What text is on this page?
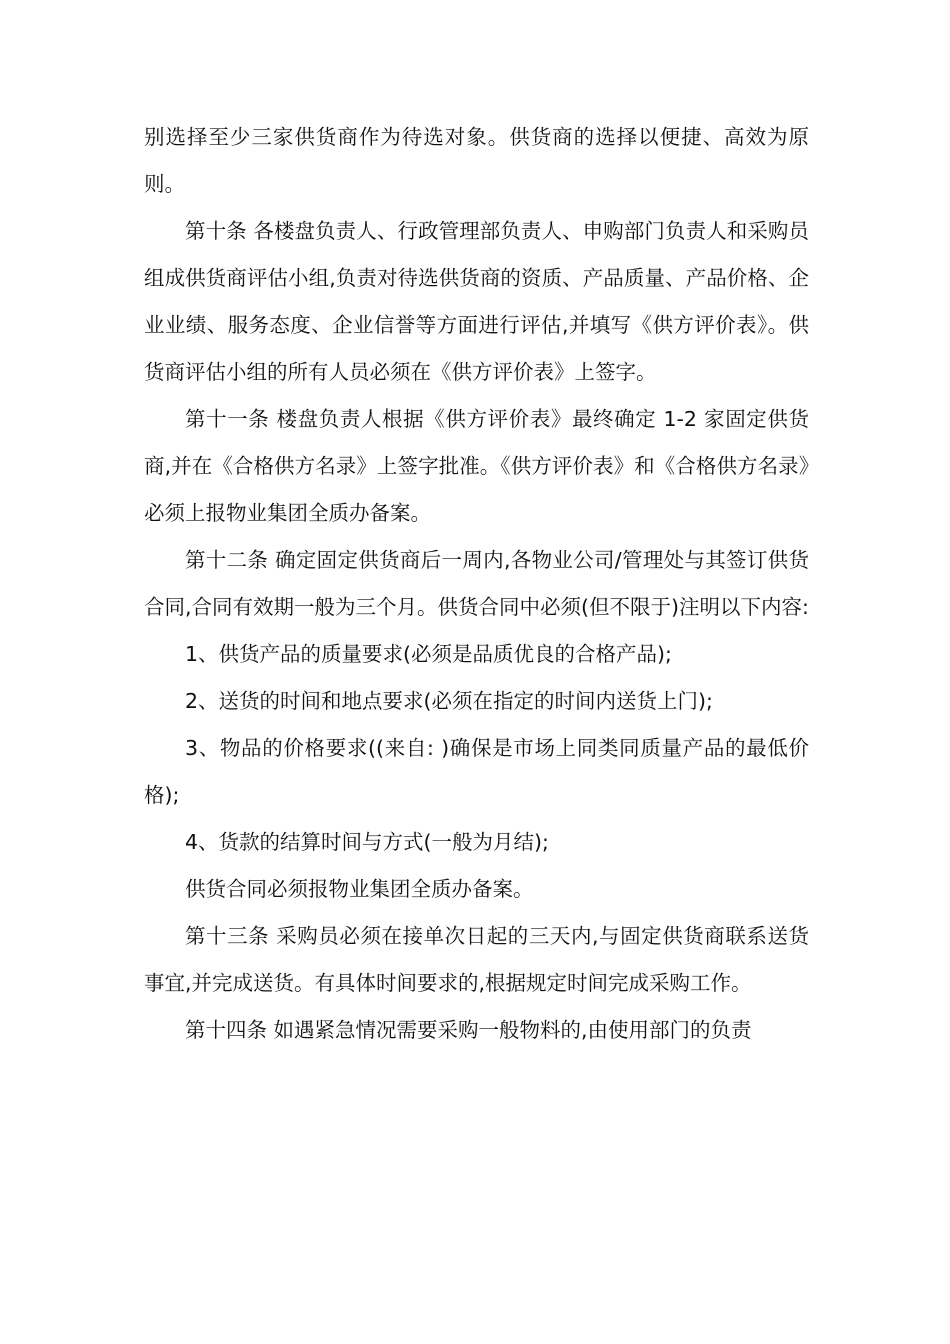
别选择至少三家供货商作为待选对象。供货商的选择以便捷、高效为原则。

第十条 各楼盘负责人、行政管理部负责人、申购部门负责人和采购员组成供货商评估小组,负责对待选供货商的资质、产品质量、产品价格、企业业绩、服务态度、企业信誉等方面进行评估,并填写《供方评价表》。供货商评估小组的所有人员必须在《供方评价表》上签字。

第十一条 楼盘负责人根据《供方评价表》最终确定 1-2 家固定供货商,并在《合格供方名录》上签字批准。《供方评价表》和《合格供方名录》必须上报物业集团全质办备案。

第十二条 确定固定供货商后一周内,各物业公司/管理处与其签订供货合同,合同有效期一般为三个月。供货合同中必须(但不限于)注明以下内容:

1、供货产品的质量要求(必须是品质优良的合格产品);

2、送货的时间和地点要求(必须在指定的时间内送货上门);

3、物品的价格要求((来自: )确保是市场上同类同质量产品的最低价格);

4、货款的结算时间与方式(一般为月结);

供货合同必须报物业集团全质办备案。

第十三条 采购员必须在接单次日起的三天内,与固定供货商联系送货事宜,并完成送货。有具体时间要求的,根据规定时间完成采购工作。

第十四条 如遇紧急情况需要采购一般物料的,由使用部门的负责
